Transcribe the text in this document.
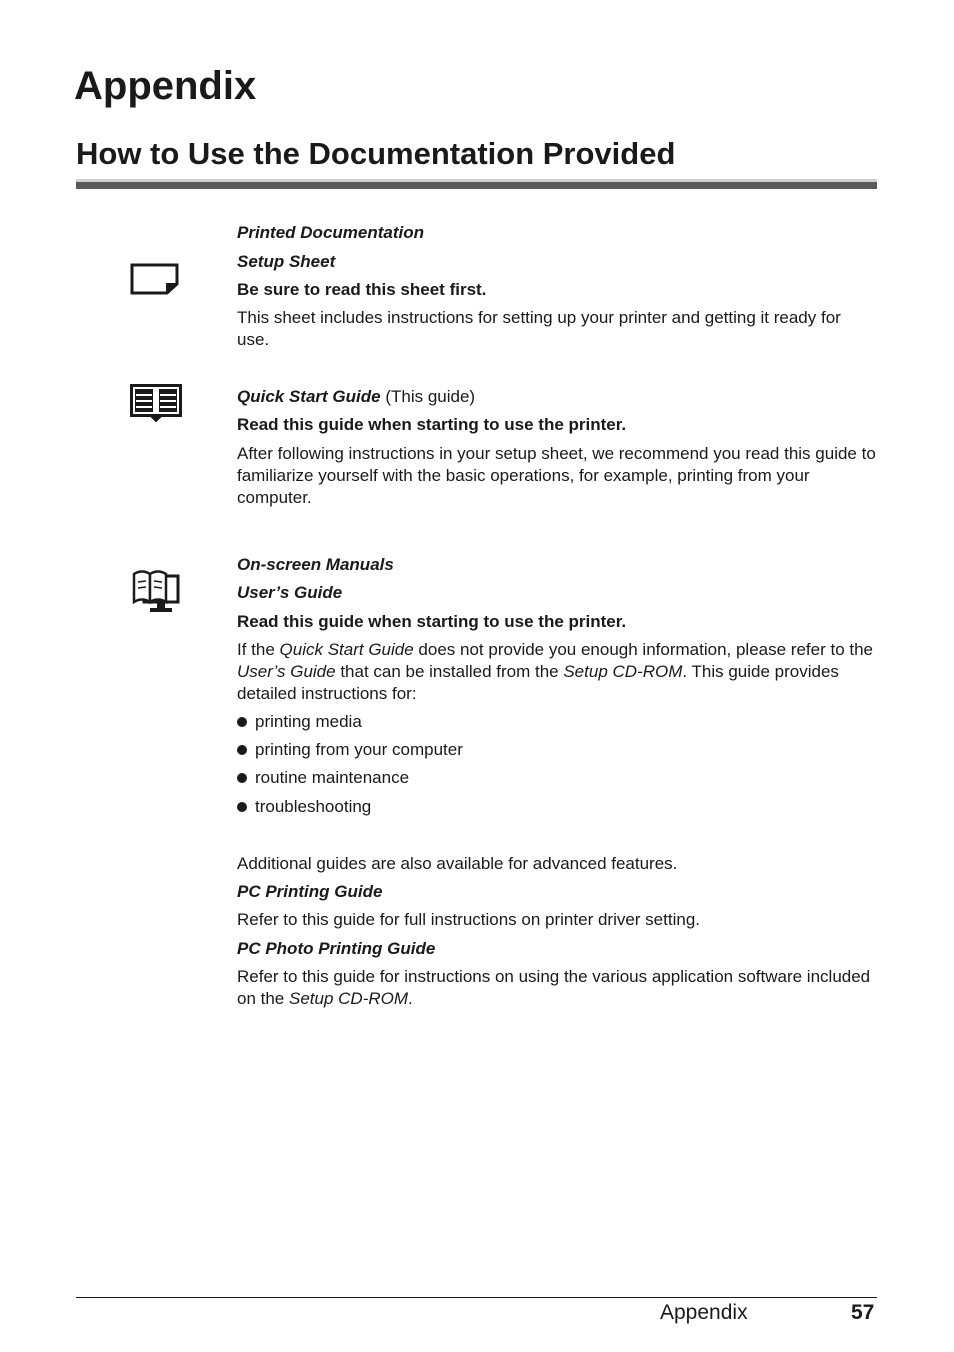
Appendix
How to Use the Documentation Provided
Printed Documentation
Setup Sheet
Be sure to read this sheet first.
This sheet includes instructions for setting up your printer and getting it ready for use.
Quick Start Guide (This guide)
Read this guide when starting to use the printer.
After following instructions in your setup sheet, we recommend you read this guide to familiarize yourself with the basic operations, for example, printing from your computer.
On-screen Manuals
User’s Guide
Read this guide when starting to use the printer.
If the Quick Start Guide does not provide you enough information, please refer to the User’s Guide that can be installed from the Setup CD-ROM. This guide provides detailed instructions for:
printing media
printing from your computer
routine maintenance
troubleshooting
Additional guides are also available for advanced features.
PC Printing Guide
Refer to this guide for full instructions on printer driver setting.
PC Photo Printing Guide
Refer to this guide for instructions on using the various application software included on the Setup CD-ROM.
Appendix	57
